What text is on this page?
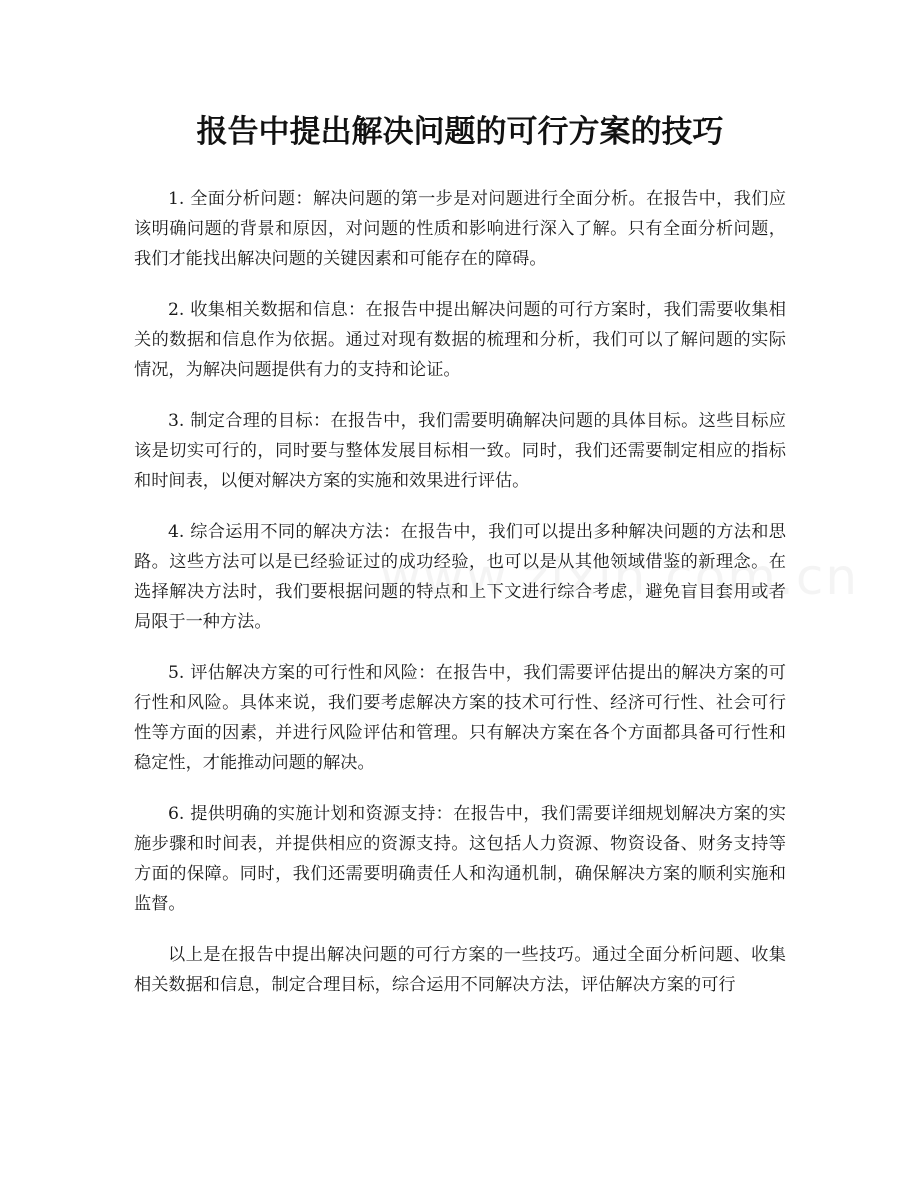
报告中提出解决问题的可行方案的技巧

1. 全面分析问题：解决问题的第一步是对问题进行全面分析。在报告中，我们应该明确问题的背景和原因，对问题的性质和影响进行深入了解。只有全面分析问题，我们才能找出解决问题的关键因素和可能存在的障碍。

2. 收集相关数据和信息：在报告中提出解决问题的可行方案时，我们需要收集相关的数据和信息作为依据。通过对现有数据的梳理和分析，我们可以了解问题的实际情况，为解决问题提供有力的支持和论证。

3. 制定合理的目标：在报告中，我们需要明确解决问题的具体目标。这些目标应该是切实可行的，同时要与整体发展目标相一致。同时，我们还需要制定相应的指标和时间表，以便对解决方案的实施和效果进行评估。

4. 综合运用不同的解决方法：在报告中，我们可以提出多种解决问题的方法和思路。这些方法可以是已经验证过的成功经验，也可以是从其他领域借鉴的新理念。在选择解决方法时，我们要根据问题的特点和上下文进行综合考虑，避免盲目套用或者局限于一种方法。

5. 评估解决方案的可行性和风险：在报告中，我们需要评估提出的解决方案的可行性和风险。具体来说，我们要考虑解决方案的技术可行性、经济可行性、社会可行性等方面的因素，并进行风险评估和管理。只有解决方案在各个方面都具备可行性和稳定性，才能推动问题的解决。

6. 提供明确的实施计划和资源支持：在报告中，我们需要详细规划解决方案的实施步骤和时间表，并提供相应的资源支持。这包括人力资源、物资设备、财务支持等方面的保障。同时，我们还需要明确责任人和沟通机制，确保解决方案的顺利实施和监督。

以上是在报告中提出解决问题的可行方案的一些技巧。通过全面分析问题、收集相关数据和信息，制定合理目标，综合运用不同解决方法，评估解决方案的可行
